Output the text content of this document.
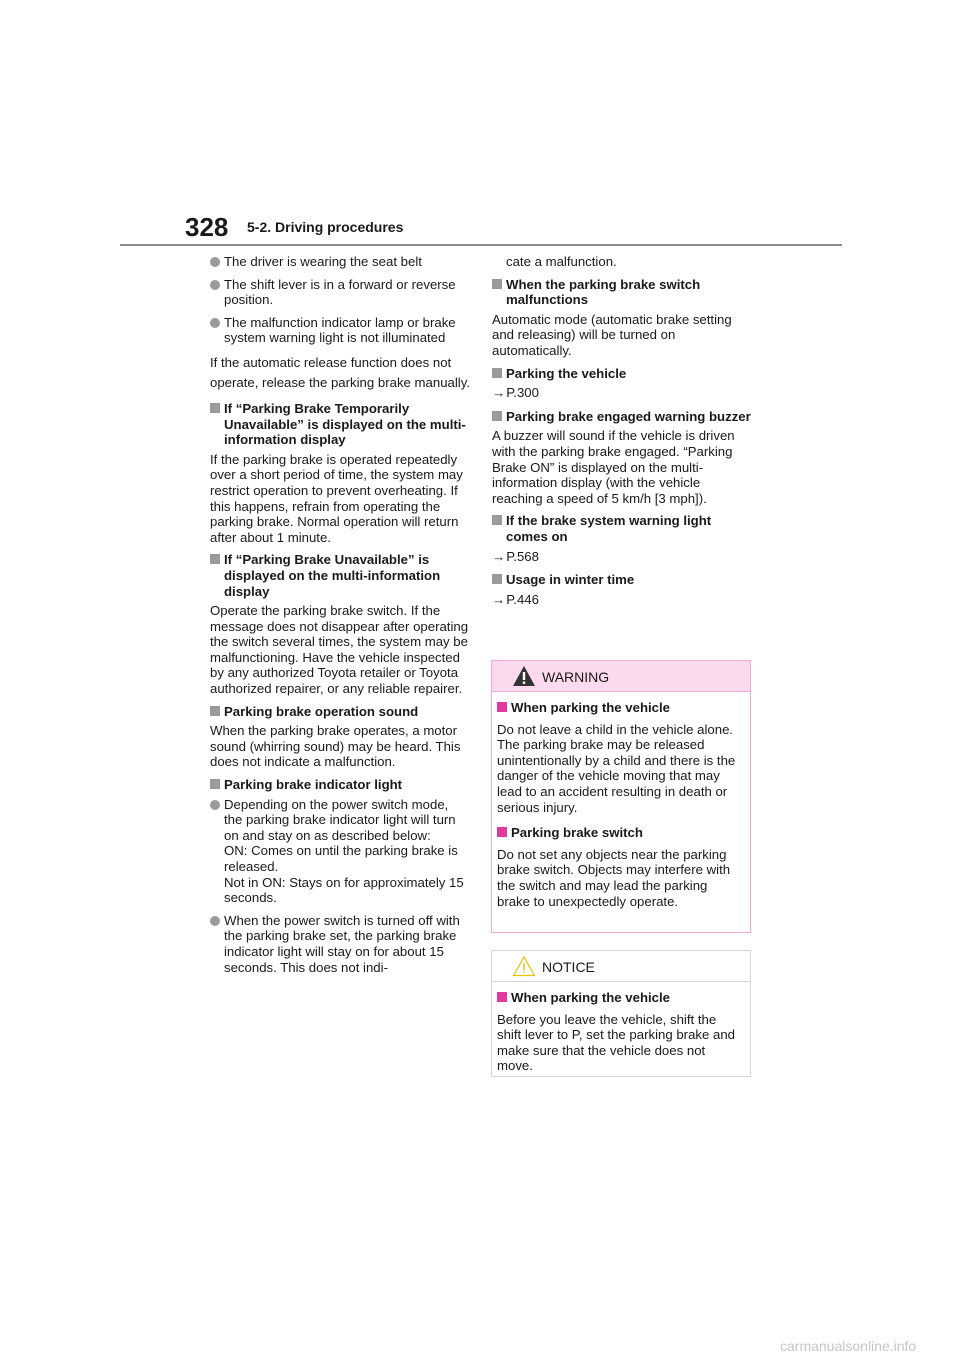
328 5-2. Driving procedures
The driver is wearing the seat belt
The shift lever is in a forward or reverse position.
The malfunction indicator lamp or brake system warning light is not illuminated
If the automatic release function does not operate, release the parking brake manually.
If “Parking Brake Temporarily Unavailable” is displayed on the multi-information display
If the parking brake is operated repeatedly over a short period of time, the system may restrict operation to prevent overheating. If this happens, refrain from operating the parking brake. Normal operation will return after about 1 minute.
If “Parking Brake Unavailable” is displayed on the multi-information display
Operate the parking brake switch. If the message does not disappear after operating the switch several times, the system may be malfunctioning. Have the vehicle inspected by any authorized Toyota retailer or Toyota authorized repairer, or any reliable repairer.
Parking brake operation sound
When the parking brake operates, a motor sound (whirring sound) may be heard. This does not indicate a malfunction.
Parking brake indicator light
Depending on the power switch mode, the parking brake indicator light will turn on and stay on as described below:
ON: Comes on until the parking brake is released.
Not in ON: Stays on for approximately 15 seconds.
When the power switch is turned off with the parking brake set, the parking brake indicator light will stay on for about 15 seconds. This does not indi-
cate a malfunction.
When the parking brake switch malfunctions
Automatic mode (automatic brake setting and releasing) will be turned on automatically.
Parking the vehicle
→P.300
Parking brake engaged warning buzzer
A buzzer will sound if the vehicle is driven with the parking brake engaged. “Parking Brake ON” is displayed on the multi-information display (with the vehicle reaching a speed of 5 km/h [3 mph]).
If the brake system warning light comes on
→P.568
Usage in winter time
→P.446
WARNING
When parking the vehicle
Do not leave a child in the vehicle alone. The parking brake may be released unintentionally by a child and there is the danger of the vehicle moving that may lead to an accident resulting in death or serious injury.
Parking brake switch
Do not set any objects near the parking brake switch. Objects may interfere with the switch and may lead the parking brake to unexpectedly operate.
NOTICE
When parking the vehicle
Before you leave the vehicle, shift the shift lever to P, set the parking brake and make sure that the vehicle does not move.
carmanualsonline.info
